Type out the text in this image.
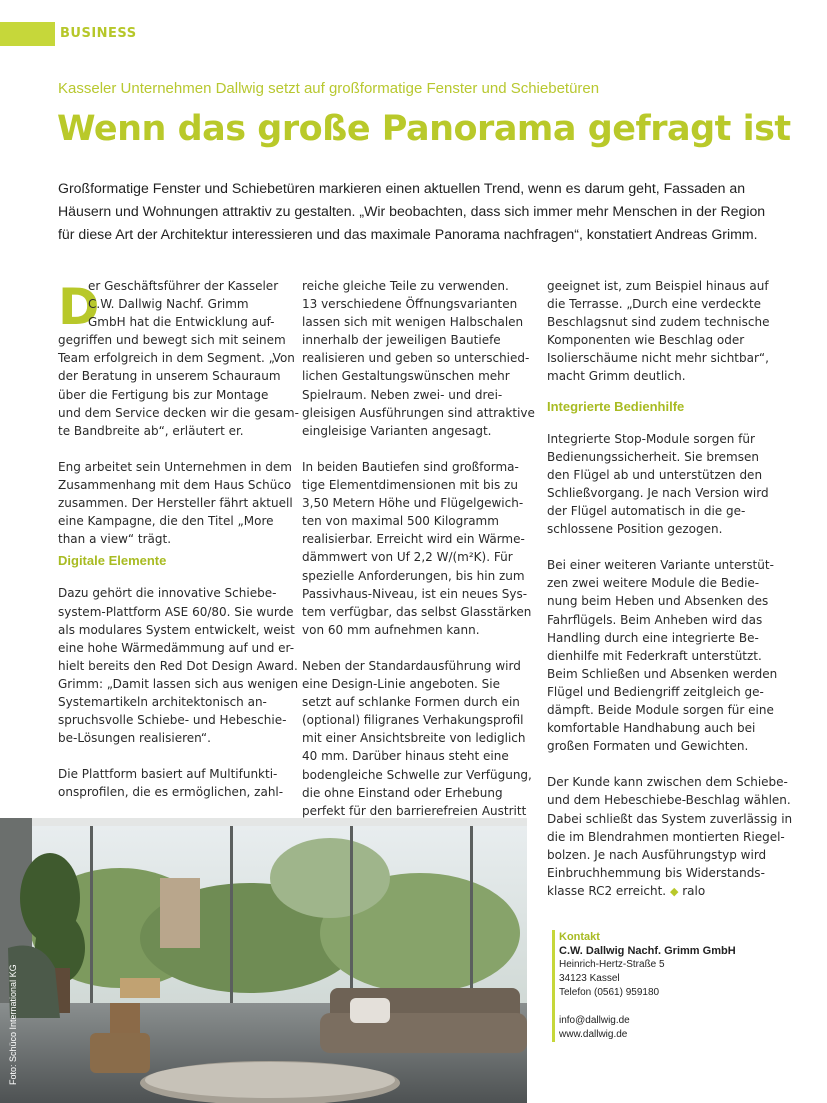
BUSINESS
Kasseler Unternehmen Dallwig setzt auf großformatige Fenster und Schiebetüren
Wenn das große Panorama gefragt ist
Großformatige Fenster und Schiebetüren markieren einen aktuellen Trend, wenn es darum geht, Fassaden an
Häusern und Wohnungen attraktiv zu gestalten. „Wir beobachten, dass sich immer mehr Menschen in der Region
für diese Art der Architektur interessieren und das maximale Panorama nachfragen“, konstatiert Andreas Grimm.
D
er Geschäftsführer der Kasseler
C.W. Dallwig Nachf. Grimm
GmbH hat die Entwicklung auf-
gegriffen und bewegt sich mit seinem
Team erfolgreich in dem Segment. „Von
der Beratung in unserem Schauraum
über die Fertigung bis zur Montage
und dem Service decken wir die gesam-
te Bandbreite ab“, erläutert er.
Eng arbeitet sein Unternehmen in dem
Zusammenhang mit dem Haus Schüco
zusammen. Der Hersteller fährt aktuell
eine Kampagne, die den Titel „More
than a view“ trägt.
Digitale Elemente
Dazu gehört die innovative Schiebe-
system-Plattform ASE 60/80. Sie wurde
als modulares System entwickelt, weist
eine hohe Wärmedämmung auf und er-
hielt bereits den Red Dot Design Award.
Grimm: „Damit lassen sich aus wenigen
Systemartikeln architektonisch an-
spruchsvolle Schiebe- und Hebeschie-
be-Lösungen realisieren“.
Die Plattform basiert auf Multifunkti-
onsprofilen, die es ermöglichen, zahl-
reiche gleiche Teile zu verwenden.
13 verschiedene Öffnungsvarianten
lassen sich mit wenigen Halbschalen
innerhalb der jeweiligen Bautiefe
realisieren und geben so unterschied-
lichen Gestaltungswünschen mehr
Spielraum. Neben zwei- und drei-
gleisigen Ausführungen sind attraktive
eingleisige Varianten angesagt.
In beiden Bautiefen sind großforma-
tige Elementdimensionen mit bis zu
3,50 Metern Höhe und Flügelgewich-
ten von maximal 500 Kilogramm
realisierbar. Erreicht wird ein Wärme-
dämmwert von Uf 2,2 W/(m²K). Für
spezielle Anforderungen, bis hin zum
Passivhaus-Niveau, ist ein neues Sys-
tem verfügbar, das selbst Glasstärken
von 60 mm aufnehmen kann.
Neben der Standardausführung wird
eine Design-Linie angeboten. Sie
setzt auf schlanke Formen durch ein
(optional) filigranes Verhakungsprofil
mit einer Ansichtsbreite von lediglich
40 mm. Darüber hinaus steht eine
bodengleiche Schwelle zur Verfügung,
die ohne Einstand oder Erhebung
perfekt für den barrierefreien Austritt
geeignet ist, zum Beispiel hinaus auf
die Terrasse. „Durch eine verdeckte
Beschlagsnut sind zudem technische
Komponenten wie Beschlag oder
Isolierschäume nicht mehr sichtbar“,
macht Grimm deutlich.
Integrierte Bedienhilfe
Integrierte Stop-Module sorgen für
Bedienungssicherheit. Sie bremsen
den Flügel ab und unterstützen den
Schließvorgang. Je nach Version wird
der Flügel automatisch in die ge-
schlossene Position gezogen.
Bei einer weiteren Variante unterstüt-
zen zwei weitere Module die Bedie-
nung beim Heben und Absenken des
Fahrflügels. Beim Anheben wird das
Handling durch eine integrierte Be-
dienhilfe mit Federkraft unterstützt.
Beim Schließen und Absenken werden
Flügel und Bediengriff zeitgleich ge-
dämpft. Beide Module sorgen für eine
komfortable Handhabung auch bei
großen Formaten und Gewichten.
Der Kunde kann zwischen dem Schiebe-
und dem Hebeschiebe-Beschlag wählen.
Dabei schließt das System zuverlässig in
die im Blendrahmen montierten Riegel-
bolzen. Je nach Ausführungstyp wird
Einbruchhemmung bis Widerstands-
klasse RC2 erreicht. ◆ ralo
Foto: Schüco International KG
Kontakt
C.W. Dallwig Nachf. Grimm GmbH
Heinrich-Hertz-Straße 5
34123 Kassel
Telefon (0561) 959180
info@dallwig.de
www.dallwig.de
